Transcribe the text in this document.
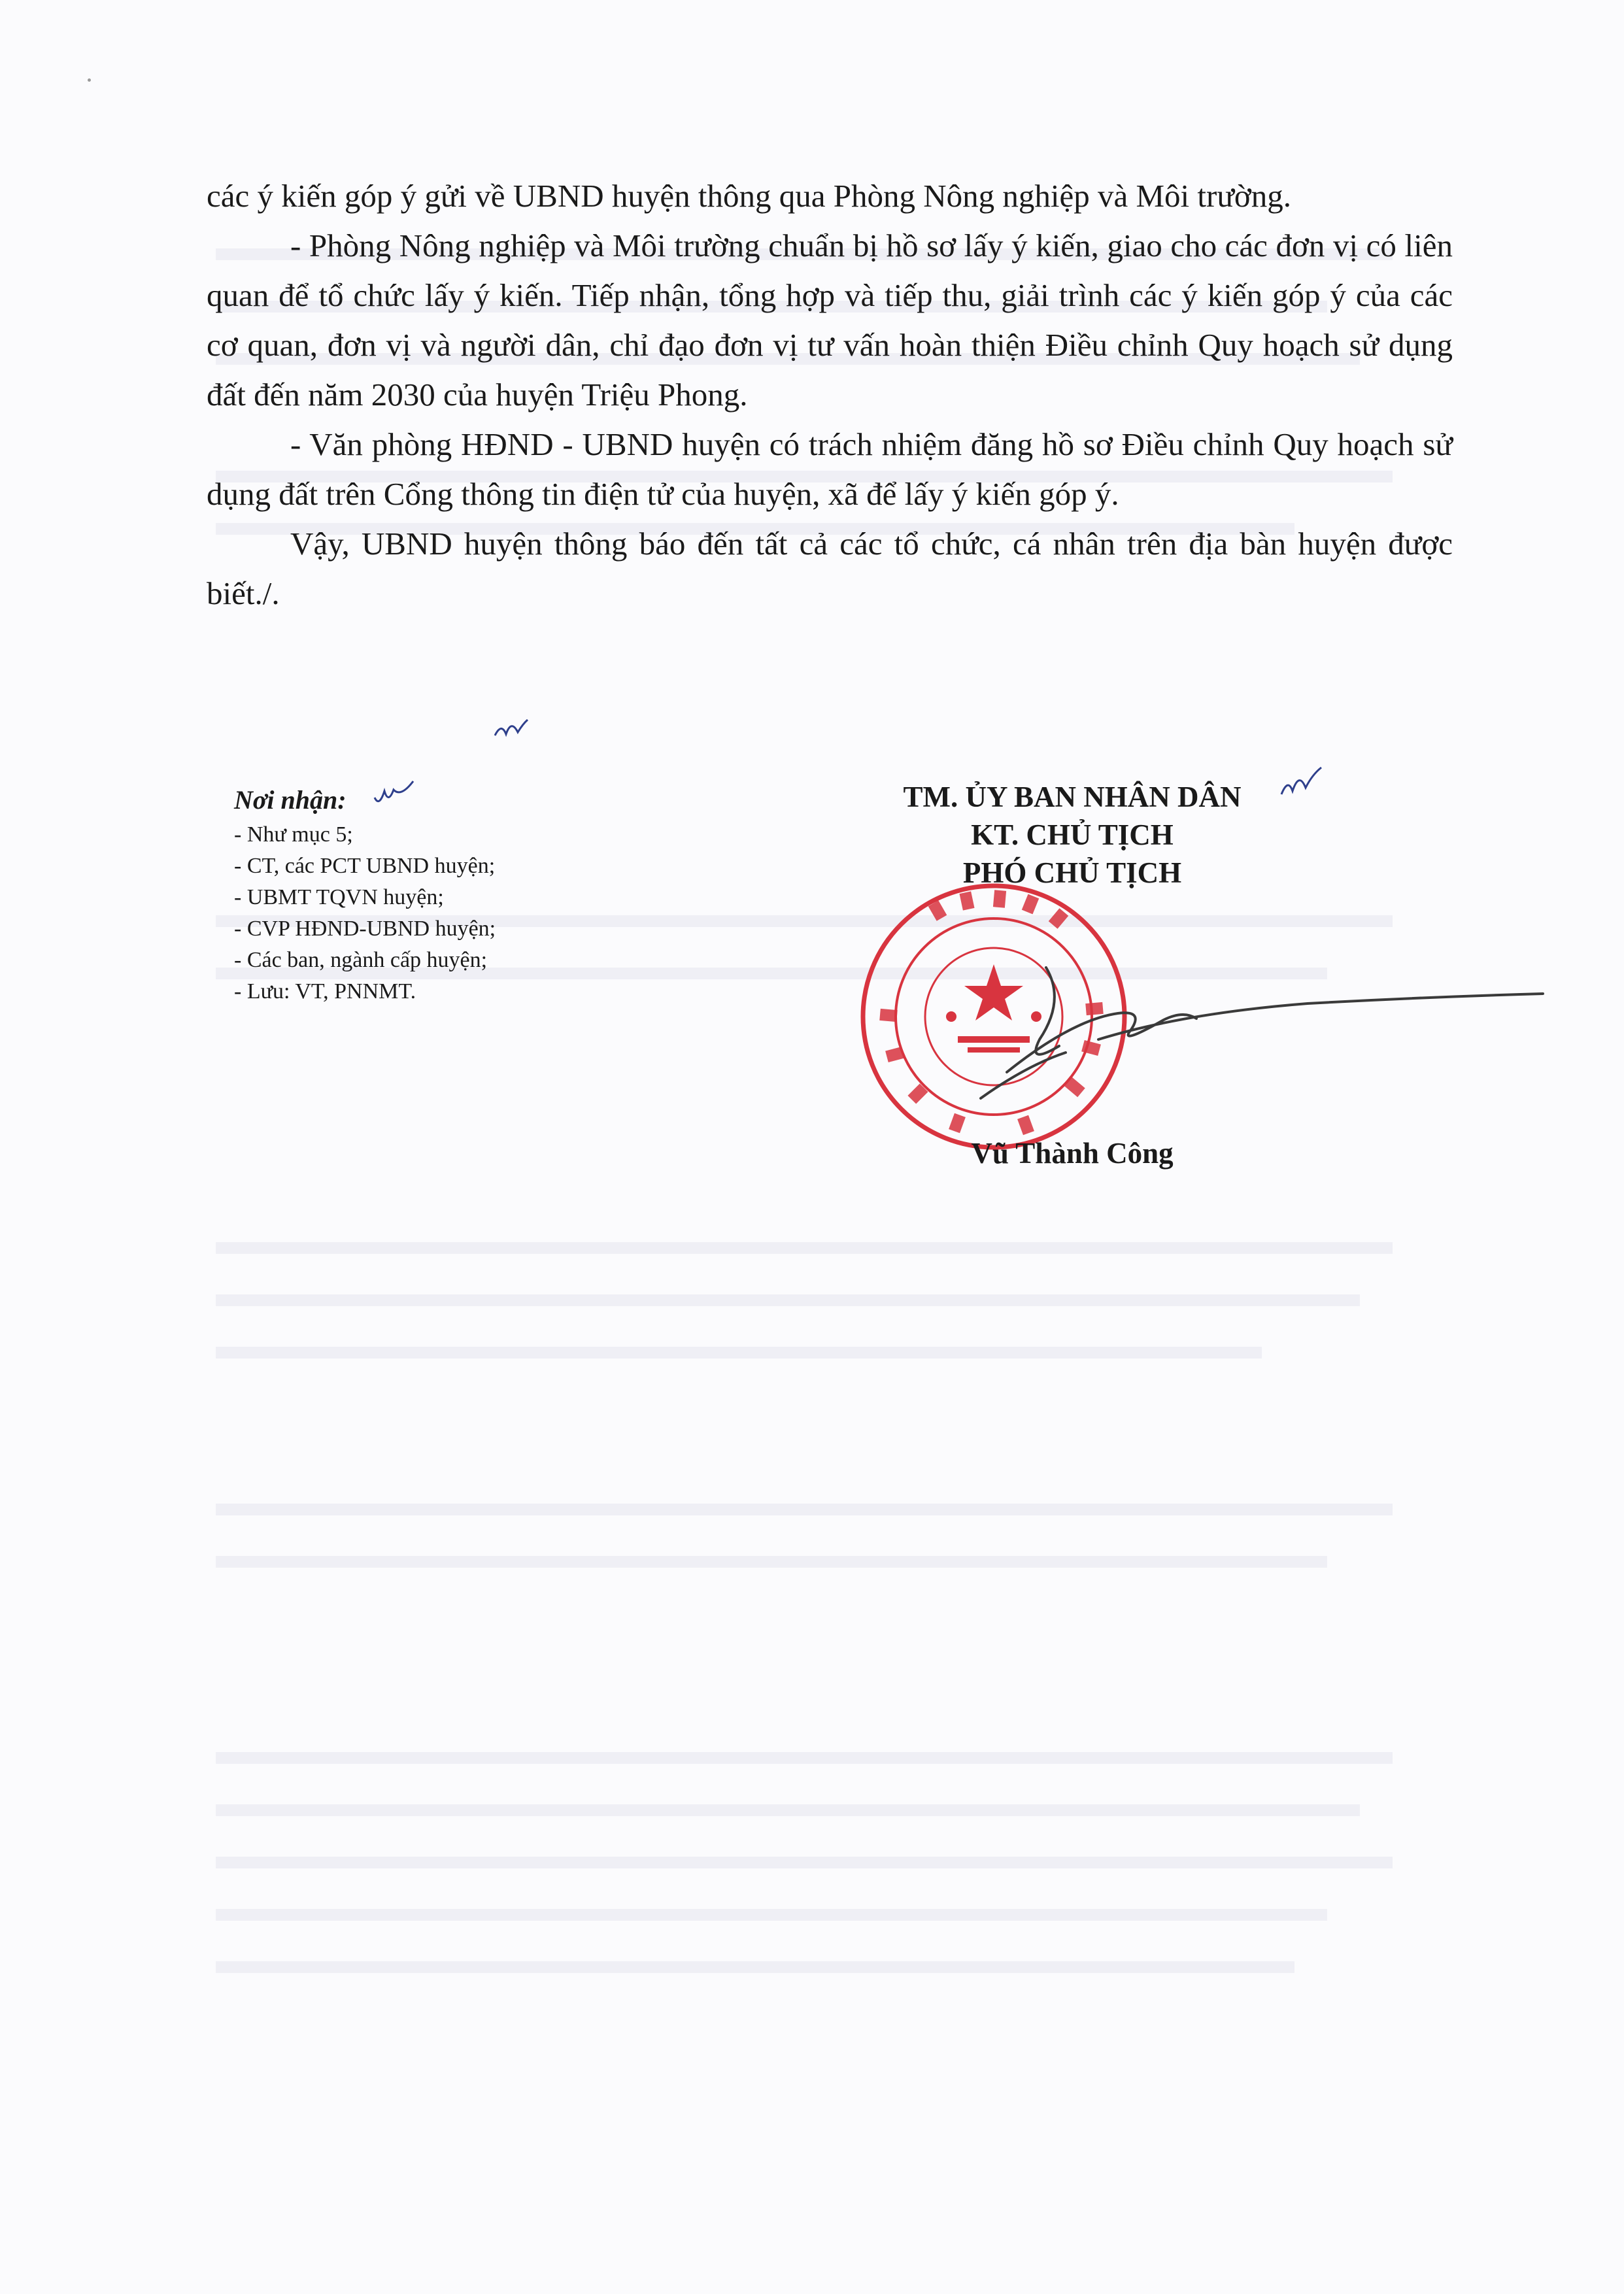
các ý kiến góp ý gửi về UBND huyện thông qua Phòng Nông nghiệp và Môi trường.

- Phòng Nông nghiệp và Môi trường chuẩn bị hồ sơ lấy ý kiến, giao cho các đơn vị có liên quan để tổ chức lấy ý kiến. Tiếp nhận, tổng hợp và tiếp thu, giải trình các ý kiến góp ý của các cơ quan, đơn vị và người dân, chỉ đạo đơn vị tư vấn hoàn thiện Điều chỉnh Quy hoạch sử dụng đất đến năm 2030 của huyện Triệu Phong.

- Văn phòng HĐND - UBND huyện có trách nhiệm đăng hồ sơ Điều chỉnh Quy hoạch sử dụng đất trên Cổng thông tin điện tử của huyện, xã để lấy ý kiến góp ý.

Vậy, UBND huyện thông báo đến tất cả các tổ chức, cá nhân trên địa bàn huyện được biết./.

Nơi nhận:
- Như mục 5;
- CT, các PCT UBND huyện;
- UBMT TQVN huyện;
- CVP HĐND-UBND huyện;
- Các ban, ngành cấp huyện;
- Lưu: VT, PNNMT.
TM. ỦY BAN NHÂN DÂN
KT. CHỦ TỊCH
PHÓ CHỦ TỊCH
Vũ Thành Công
